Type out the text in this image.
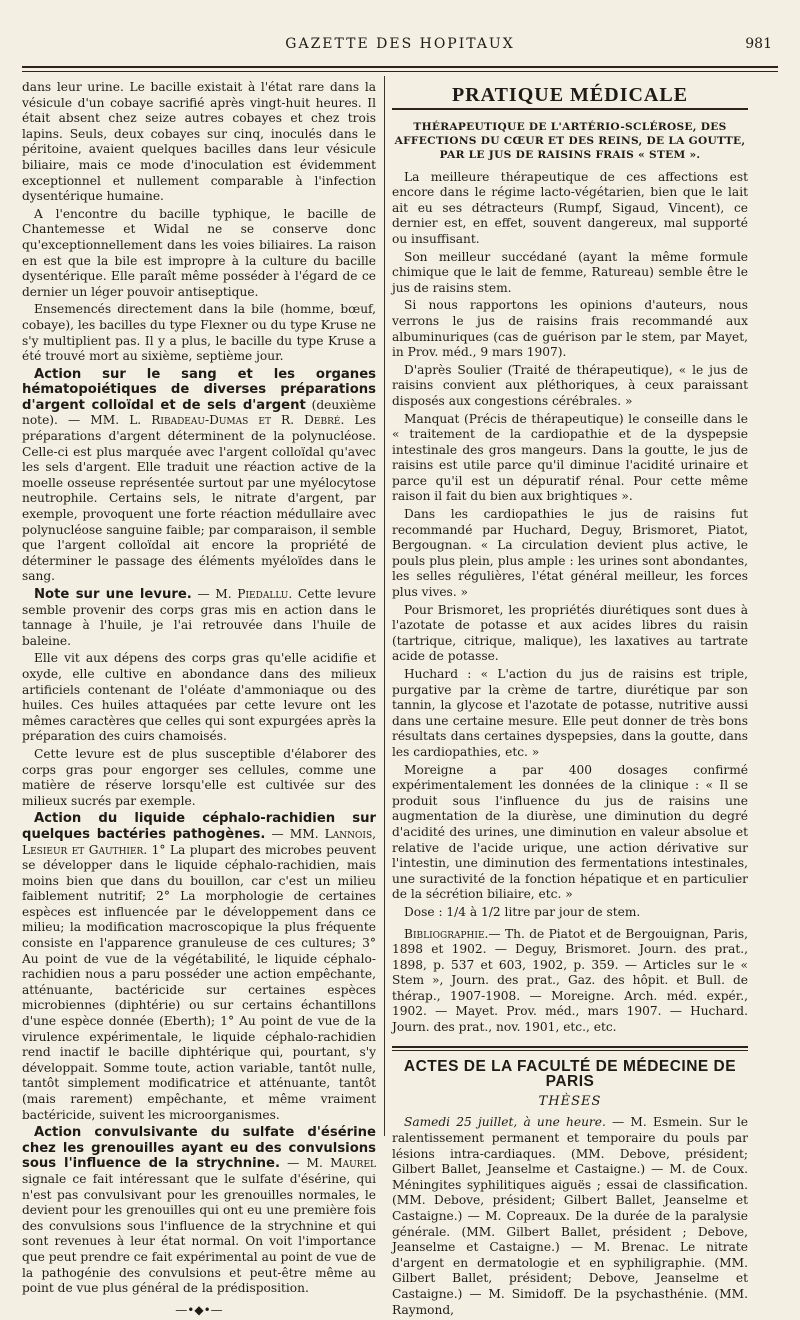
GAZETTE DES HOPITAUX	981

dans leur urine. Le bacille existait à l'état rare dans la vésicule d'un cobaye sacrifié après vingt-huit heures. Il était absent chez seize autres cobayes et chez trois lapins. Seuls, deux cobayes sur cinq, inoculés dans le péritoine, avaient quelques bacilles dans leur vésicule biliaire, mais ce mode d'inoculation est évidemment exceptionnel et nullement comparable à l'infection dysentérique humaine.

A l'encontre du bacille typhique, le bacille de Chantemesse et Widal ne se conserve donc qu'exceptionnellement dans les voies biliaires. La raison en est que la bile est impropre à la culture du bacille dysentérique. Elle paraît même posséder à l'égard de ce dernier un léger pouvoir antiseptique.

Ensemencés directement dans la bile (homme, bœuf, cobaye), les bacilles du type Flexner ou du type Kruse ne s'y multiplient pas. Il y a plus, le bacille du type Kruse a été trouvé mort au sixième, septième jour.

Action sur le sang et les organes hématopoiétiques de diverses préparations d'argent colloïdal et de sels d'argent (deuxième note). — MM. L. Ribadeau-Dumas et R. Debré. Les préparations d'argent déterminent de la polynucléose. Celle-ci est plus marquée avec l'argent colloïdal qu'avec les sels d'argent. Elle traduit une réaction active de la moelle osseuse représentée surtout par une myélocytose neutrophile. Certains sels, le nitrate d'argent, par exemple, provoquent une forte réaction médullaire avec polynucléose sanguine faible; par comparaison, il semble que l'argent colloïdal ait encore la propriété de déterminer le passage des éléments myéloïdes dans le sang.

Note sur une levure. — M. Piedallu. Cette levure semble provenir des corps gras mis en action dans le tannage à l'huile, je l'ai retrouvée dans l'huile de baleine.

Elle vit aux dépens des corps gras qu'elle acidifie et oxyde, elle cultive en abondance dans des milieux artificiels contenant de l'oléate d'ammoniaque ou des huiles. Ces huiles attaquées par cette levure ont les mêmes caractères que celles qui sont expurgées après la préparation des cuirs chamoisés.

Cette levure est de plus susceptible d'élaborer des corps gras pour engorger ses cellules, comme une matière de réserve lorsqu'elle est cultivée sur des milieux sucrés par exemple.

Action du liquide céphalo-rachidien sur quelques bactéries pathogènes. — MM. Lannois, Lesieur et Gauthier. 1° La plupart des microbes peuvent se développer dans le liquide céphalo-rachidien, mais moins bien que dans du bouillon, car c'est un milieu faiblement nutritif; 2° La morphologie de certaines espèces est influencée par le développement dans ce milieu; la modification macroscopique la plus fréquente consiste en l'apparence granuleuse de ces cultures; 3° Au point de vue de la végétabilité, le liquide céphalo-rachidien nous a paru posséder une action empêchante, atténuante, bactéricide sur certaines espèces microbiennes (diphtérie) ou sur certains échantillons d'une espèce donnée (Eberth); 1° Au point de vue de la virulence expérimentale, le liquide céphalo-rachidien rend inactif le bacille diphtérique qui, pourtant, s'y développait. Somme toute, action variable, tantôt nulle, tantôt simplement modificatrice et atténuante, tantôt (mais rarement) empêchante, et même vraiment bactéricide, suivent les microorganismes.

Action convulsivante du sulfate d'ésérine chez les grenouilles ayant eu des convulsions sous l'influence de la strychnine. — M. Maurel signale ce fait intéressant que le sulfate d'ésérine, qui n'est pas convulsivant pour les grenouilles normales, le devient pour les grenouilles qui ont eu une première fois des convulsions sous l'influence de la strychnine et qui sont revenues à leur état normal. On voit l'importance que peut prendre ce fait expérimental au point de vue de la pathogénie des convulsions et peut-être même au point de vue plus général de la prédisposition.

—•◆•—
PRATIQUE MÉDICALE
THÉRAPEUTIQUE DE L'ARTÉRIO-SCLÉROSE, DES AFFECTIONS DU CŒUR ET DES REINS, DE LA GOUTTE, PAR LE JUS DE RAISINS FRAIS « STEM ».

La meilleure thérapeutique de ces affections est encore dans le régime lacto-végétarien, bien que le lait ait eu ses détracteurs (Rumpf, Sigaud, Vincent), ce dernier est, en effet, souvent dangereux, mal supporté ou insuffisant.

Son meilleur succédané (ayant la même formule chimique que le lait de femme, Ratureau) semble être le jus de raisins stem.

Si nous rapportons les opinions d'auteurs, nous verrons le jus de raisins frais recommandé aux albuminuriques (cas de guérison par le stem, par Mayet, in Prov. méd., 9 mars 1907).

D'après Soulier (Traité de thérapeutique), « le jus de raisins convient aux pléthoriques, à ceux paraissant disposés aux congestions cérébrales. »

Manquat (Précis de thérapeutique) le conseille dans le « traitement de la cardiopathie et de la dyspepsie intestinale des gros mangeurs. Dans la goutte, le jus de raisins est utile parce qu'il diminue l'acidité urinaire et parce qu'il est un dépuratif rénal. Pour cette même raison il fait du bien aux brightiques ».

Dans les cardiopathies le jus de raisins fut recommandé par Huchard, Deguy, Brismoret, Piatot, Bergougnan. « La circulation devient plus active, le pouls plus plein, plus ample : les urines sont abondantes, les selles régulières, l'état général meilleur, les forces plus vives. »

Pour Brismoret, les propriétés diurétiques sont dues à l'azotate de potasse et aux acides libres du raisin (tartrique, citrique, malique), les laxatives au tartrate acide de potasse.

Huchard : « L'action du jus de raisins est triple, purgative par la crème de tartre, diurétique par son tannin, la glycose et l'azotate de potasse, nutritive aussi dans une certaine mesure. Elle peut donner de très bons résultats dans certaines dyspepsies, dans la goutte, dans les cardiopathies, etc. »

Moreigne a par 400 dosages confirmé expérimentalement les données de la clinique : « Il se produit sous l'influence du jus de raisins une augmentation de la diurèse, une diminution du degré d'acidité des urines, une diminution en valeur absolue et relative de l'acide urique, une action dérivative sur l'intestin, une diminution des fermentations intestinales, une suractivité de la fonction hépatique et en particulier de la sécrétion biliaire, etc. »

Dose : 1/4 à 1/2 litre par jour de stem.

Bibliographie.— Th. de Piatot et de Bergouignan, Paris, 1898 et 1902. — Deguy, Brismoret. Journ. des prat., 1898, p. 537 et 603, 1902, p. 359. — Articles sur le « Stem », Journ. des prat., Gaz. des hôpit. et Bull. de thérap., 1907-1908. — Moreigne. Arch. méd. expér., 1902. — Mayet. Prov. méd., mars 1907. — Huchard. Journ. des prat., nov. 1901, etc., etc.

ACTES DE LA FACULTÉ DE MÉDECINE DE PARIS
THÈSES

Samedi 25 juillet, à une heure. — M. Esmein. Sur le ralentissement permanent et temporaire du pouls par lésions intra-cardiaques. (MM. Debove, président; Gilbert Ballet, Jeanselme et Castaigne.) — M. de Coux. Méningites syphilitiques aiguës ; essai de classification. (MM. Debove, président; Gilbert Ballet, Jeanselme et Castaigne.) — M. Copreaux. De la durée de la paralysie générale. (MM. Gilbert Ballet, président ; Debove, Jeanselme et Castaigne.) — M. Brenac. Le nitrate d'argent en dermatologie et en syphiligraphie. (MM. Gilbert Ballet, président; Debove, Jeanselme et Castaigne.) — M. Simidoff. De la psychasthénie. (MM. Raymond,
